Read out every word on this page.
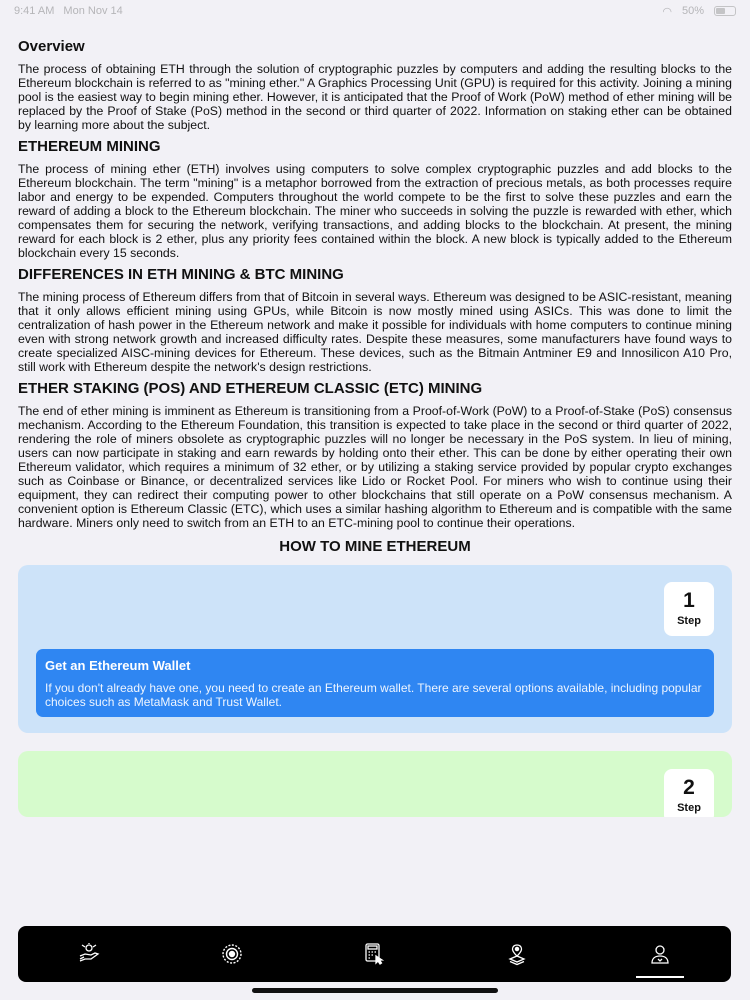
9:41 AM Mon Nov 14	◠ 50%
Overview

The process of obtaining ETH through the solution of cryptographic puzzles by computers and adding the resulting blocks to the Ethereum blockchain is referred to as "mining ether." A Graphics Processing Unit (GPU) is required for this activity. Joining a mining pool is the easiest way to begin mining ether. However, it is anticipated that the Proof of Work (PoW) method of ether mining will be replaced by the Proof of Stake (PoS) method in the second or third quarter of 2022. Information on staking ether can be obtained by learning more about the subject.

ETHEREUM MINING

The process of mining ether (ETH) involves using computers to solve complex cryptographic puzzles and add blocks to the Ethereum blockchain. The term "mining" is a metaphor borrowed from the extraction of precious metals, as both processes require labor and energy to be expended. Computers throughout the world compete to be the first to solve these puzzles and earn the reward of adding a block to the Ethereum blockchain. The miner who succeeds in solving the puzzle is rewarded with ether, which compensates them for securing the network, verifying transactions, and adding blocks to the blockchain. At present, the mining reward for each block is 2 ether, plus any priority fees contained within the block. A new block is typically added to the Ethereum blockchain every 15 seconds.

DIFFERENCES IN ETH MINING & BTC MINING

The mining process of Ethereum differs from that of Bitcoin in several ways. Ethereum was designed to be ASIC-resistant, meaning that it only allows efficient mining using GPUs, while Bitcoin is now mostly mined using ASICs. This was done to limit the centralization of hash power in the Ethereum network and make it possible for individuals with home computers to continue mining even with strong network growth and increased difficulty rates. Despite these measures, some manufacturers have found ways to create specialized AISC-mining devices for Ethereum. These devices, such as the Bitmain Antminer E9 and Innosilicon A10 Pro, still work with Ethereum despite the network's design restrictions.

ETHER STAKING (POS) AND ETHEREUM CLASSIC (ETC) MINING

The end of ether mining is imminent as Ethereum is transitioning from a Proof-of-Work (PoW) to a Proof-of-Stake (PoS) consensus mechanism. According to the Ethereum Foundation, this transition is expected to take place in the second or third quarter of 2022, rendering the role of miners obsolete as cryptographic puzzles will no longer be necessary in the PoS system. In lieu of mining, users can now participate in staking and earn rewards by holding onto their ether. This can be done by either operating their own Ethereum validator, which requires a minimum of 32 ether, or by utilizing a staking service provided by popular crypto exchanges such as Coinbase or Binance, or decentralized services like Lido or Rocket Pool. For miners who wish to continue using their equipment, they can redirect their computing power to other blockchains that still operate on a PoW consensus mechanism. A convenient option is Ethereum Classic (ETC), which uses a similar hashing algorithm to Ethereum and is compatible with the same hardware. Miners only need to switch from an ETH to an ETC-mining pool to continue their operations.

HOW TO MINE ETHEREUM
1
Step
Get an Ethereum Wallet
If you don't already have one, you need to create an Ethereum wallet. There are several options available, including popular choices such as MetaMask and Trust Wallet.
2
Step
